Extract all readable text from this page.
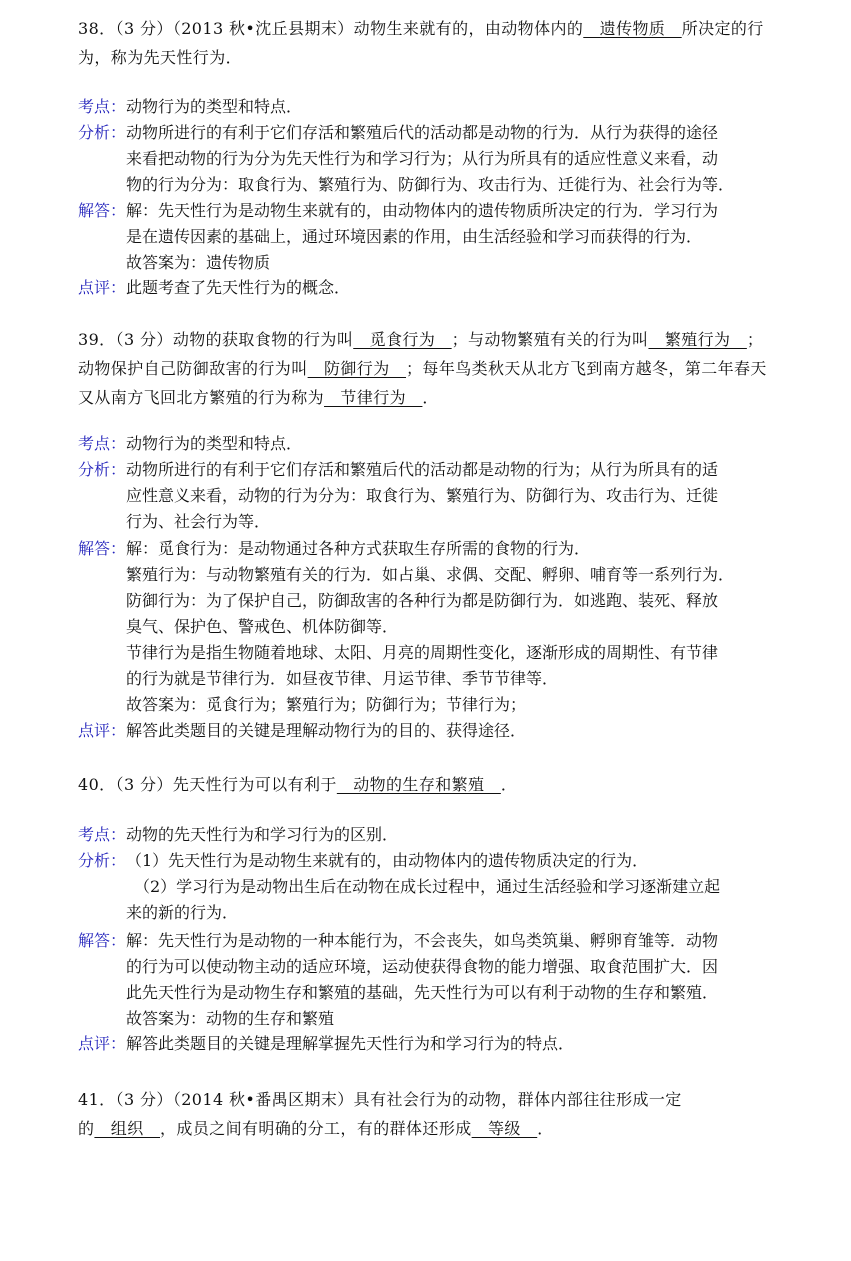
38．（3 分）（2013 秋•沈丘县期末）动物生来就有的，由动物体内的　遗传物质　所决定的行为，称为先天性行为．

考点： 动物行为的类型和特点．

分析： 动物所进行的有利于它们存活和繁殖后代的活动都是动物的行为．从行为获得的途径

来看把动物的行为分为先天性行为和学习行为；从行为所具有的适应性意义来看，动

物的行为分为：取食行为、繁殖行为、防御行为、攻击行为、迁徙行为、社会行为等．

解答： 解：先天性行为是动物生来就有的，由动物体内的遗传物质所决定的行为．学习行为

是在遗传因素的基础上，通过环境因素的作用，由生活经验和学习而获得的行为．

故答案为：遗传物质

点评： 此题考查了先天性行为的概念．

39．（3 分）动物的获取食物的行为叫　觅食行为　；与动物繁殖有关的行为叫　繁殖行为　；动物保护自己防御敌害的行为叫　防御行为　；每年鸟类秋天从北方飞到南方越冬，第二年春天又从南方飞回北方繁殖的行为称为　节律行为　．

考点： 动物行为的类型和特点．

分析： 动物所进行的有利于它们存活和繁殖后代的活动都是动物的行为；从行为所具有的适

应性意义来看，动物的行为分为：取食行为、繁殖行为、防御行为、攻击行为、迁徙

行为、社会行为等．

解答： 解：觅食行为：是动物通过各种方式获取生存所需的食物的行为．

繁殖行为：与动物繁殖有关的行为．如占巢、求偶、交配、孵卵、哺育等一系列行为．

防御行为：为了保护自己，防御敌害的各种行为都是防御行为．如逃跑、装死、释放

臭气、保护色、警戒色、机体防御等．

节律行为是指生物随着地球、太阳、月亮的周期性变化，逐渐形成的周期性、有节律

的行为就是节律行为．如昼夜节律、月运节律、季节节律等．

故答案为：觅食行为；繁殖行为；防御行为；节律行为；

点评： 解答此类题目的关键是理解动物行为的目的、获得途径．

40．（3 分）先天性行为可以有利于　动物的生存和繁殖　．

考点： 动物的先天性行为和学习行为的区别．

分析： （1）先天性行为是动物生来就有的，由动物体内的遗传物质决定的行为．

（2）学习行为是动物出生后在动物在成长过程中，通过生活经验和学习逐渐建立起

来的新的行为．

解答： 解：先天性行为是动物的一种本能行为，不会丧失，如鸟类筑巢、孵卵育雏等．动物

的行为可以使动物主动的适应环境，运动使获得食物的能力增强、取食范围扩大．因

此先天性行为是动物生存和繁殖的基础，先天性行为可以有利于动物的生存和繁殖．

故答案为：动物的生存和繁殖

点评： 解答此类题目的关键是理解掌握先天性行为和学习行为的特点．

41．（3 分）（2014 秋•番禺区期末）具有社会行为的动物，群体内部往往形成一定的　组织　，成员之间有明确的分工，有的群体还形成　等级　．
